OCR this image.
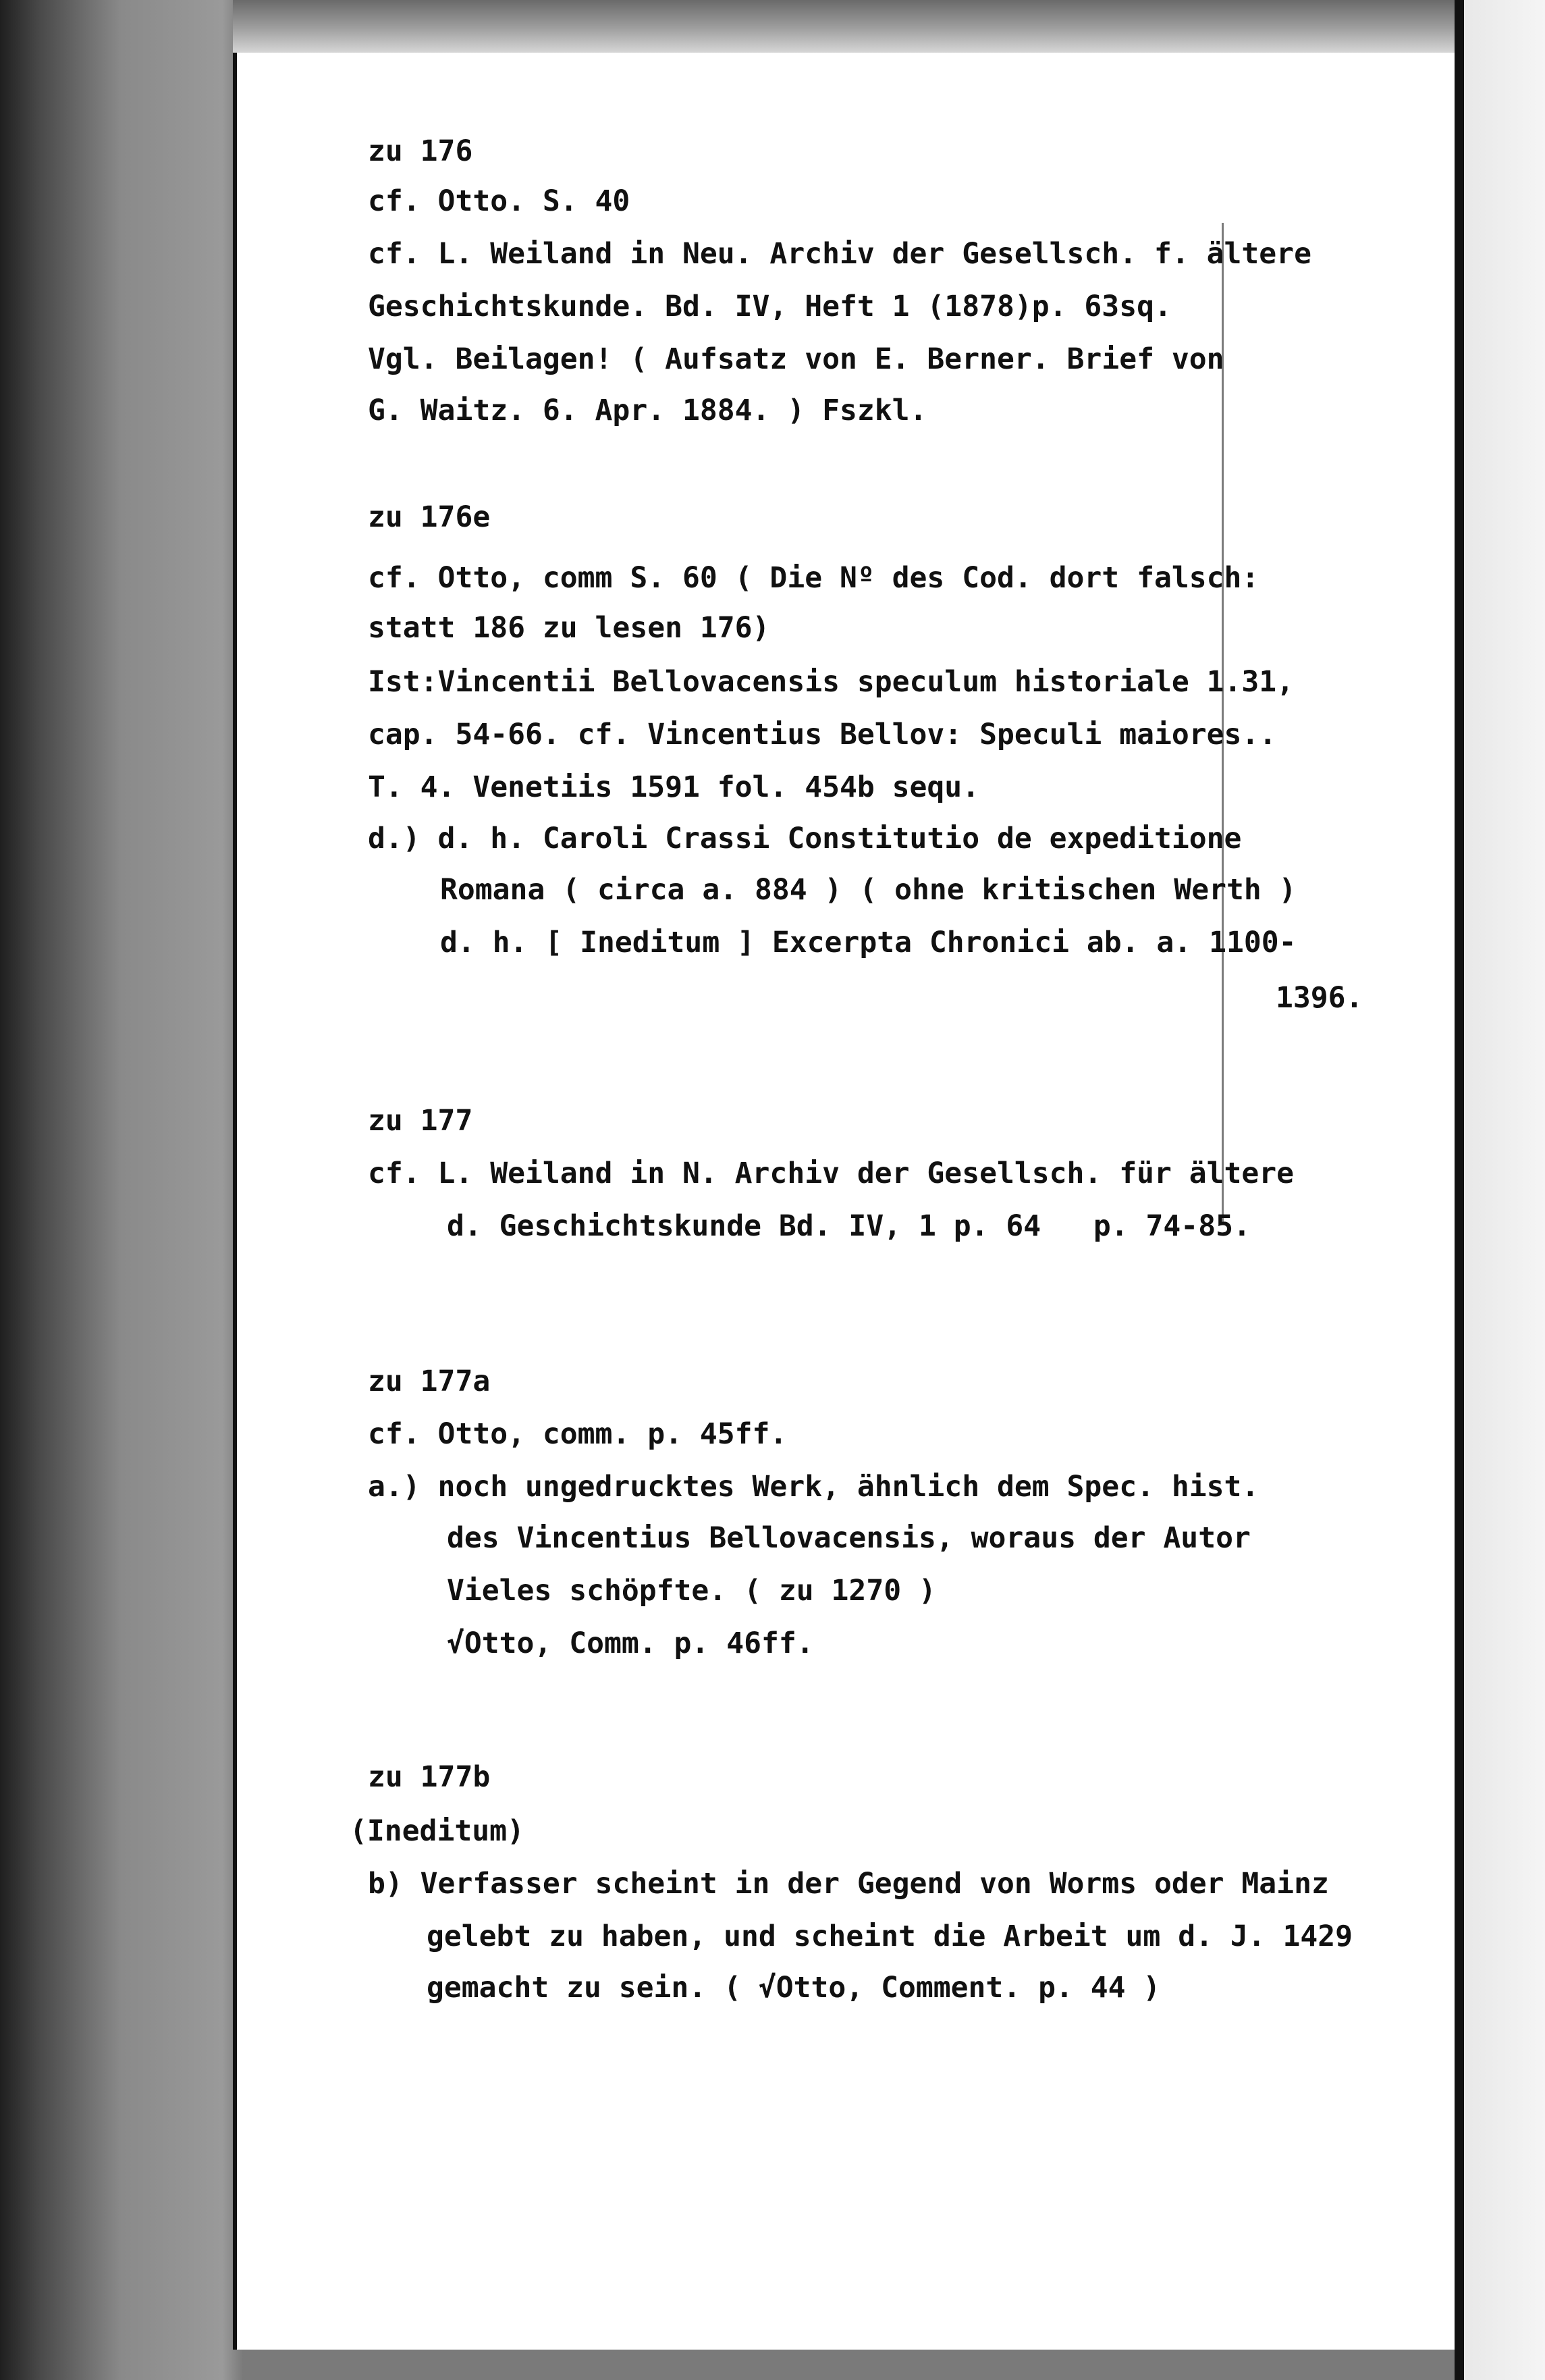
zu 176
cf. Otto. S. 40
cf. L. Weiland in Neu. Archiv der Gesellsch. f. ältere
Geschichtskunde. Bd. IV, Heft 1 (1878)p. 63sq.
Vgl. Beilagen! ( Aufsatz von E. Berner. Brief von
G. Waitz. 6. Apr. 1884. ) Fszkl.
zu 176e
cf. Otto, comm S. 60 ( Die Nº des Cod. dort falsch:
statt 186 zu lesen 176)
Ist:Vincentii Bellovacensis speculum historiale 1.31,
cap. 54-66. cf. Vincentius Bellov: Speculi maiores..
T. 4. Venetiis 1591 fol. 454b sequ.
d.) d. h. Caroli Crassi Constitutio de expeditione
Romana ( circa a. 884 ) ( ohne kritischen Werth )
d. h. [ Ineditum ] Excerpta Chronici ab. a. 1100-
1396.
zu 177
cf. L. Weiland in N. Archiv der Gesellsch. für ältere
d. Geschichtskunde Bd. IV, 1 p. 64   p. 74-85.
zu 177a
cf. Otto, comm. p. 45ff.
a.) noch ungedrucktes Werk, ähnlich dem Spec. hist.
des Vincentius Bellovacensis, woraus der Autor
Vieles schöpfte. ( zu 1270 )
√Otto, Comm. p. 46ff.
zu 177b
(Ineditum)
b) Verfasser scheint in der Gegend von Worms oder Mainz
gelebt zu haben, und scheint die Arbeit um d. J. 1429
gemacht zu sein. ( √Otto, Comment. p. 44 )
